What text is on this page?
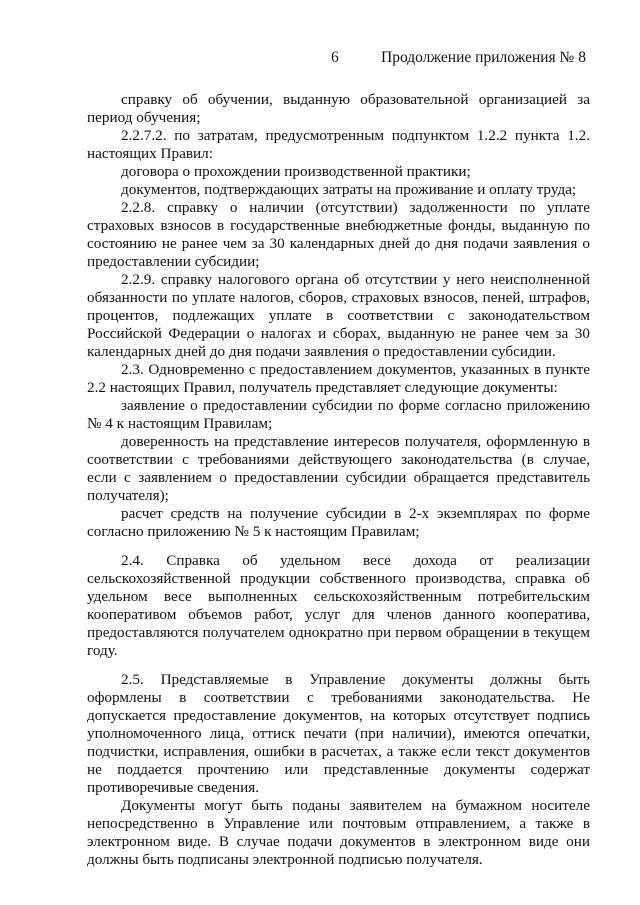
6	Продолжение приложения № 8

справку об обучении, выданную образовательной организацией за период обучения;

2.2.7.2. по затратам, предусмотренным подпунктом 1.2.2 пункта 1.2. настоящих Правил:

договора о прохождении производственной практики;

документов, подтверждающих затраты на проживание и оплату труда;

2.2.8. справку о наличии (отсутствии) задолженности по уплате страховых взносов в государственные внебюджетные фонды, выданную по состоянию не ранее чем за 30 календарных дней до дня подачи заявления о предоставлении субсидии;

2.2.9. справку налогового органа об отсутствии у него неисполненной обязанности по уплате налогов, сборов, страховых взносов, пеней, штрафов, процентов, подлежащих уплате в соответствии с законодательством Российской Федерации о налогах и сборах, выданную не ранее чем за 30 календарных дней до дня подачи заявления о предоставлении субсидии.

2.3. Одновременно с предоставлением документов, указанных в пункте 2.2 настоящих Правил, получатель представляет следующие документы:

заявление о предоставлении субсидии по форме согласно приложению № 4 к настоящим Правилам;

доверенность на представление интересов получателя, оформленную в соответствии с требованиями действующего законодательства (в случае, если с заявлением о предоставлении субсидии обращается представитель получателя);

расчет средств на получение субсидии в 2-х экземплярах по форме согласно приложению № 5 к настоящим Правилам;

2.4. Справка об удельном весе дохода от реализации сельскохозяйственной продукции собственного производства, справка об удельном весе выполненных сельскохозяйственным потребительским кооперативом объемов работ, услуг для членов данного кооператива, предоставляются получателем однократно при первом обращении в текущем году.

2.5. Представляемые в Управление документы должны быть оформлены в соответствии с требованиями законодательства. Не допускается предоставление документов, на которых отсутствует подпись уполномоченного лица, оттиск печати (при наличии), имеются опечатки, подчистки, исправления, ошибки в расчетах, а также если текст документов не поддается прочтению или представленные документы содержат противоречивые сведения.

Документы могут быть поданы заявителем на бумажном носителе непосредственно в Управление или почтовым отправлением, а также в электронном виде. В случае подачи документов в электронном виде они должны быть подписаны электронной подписью получателя.
